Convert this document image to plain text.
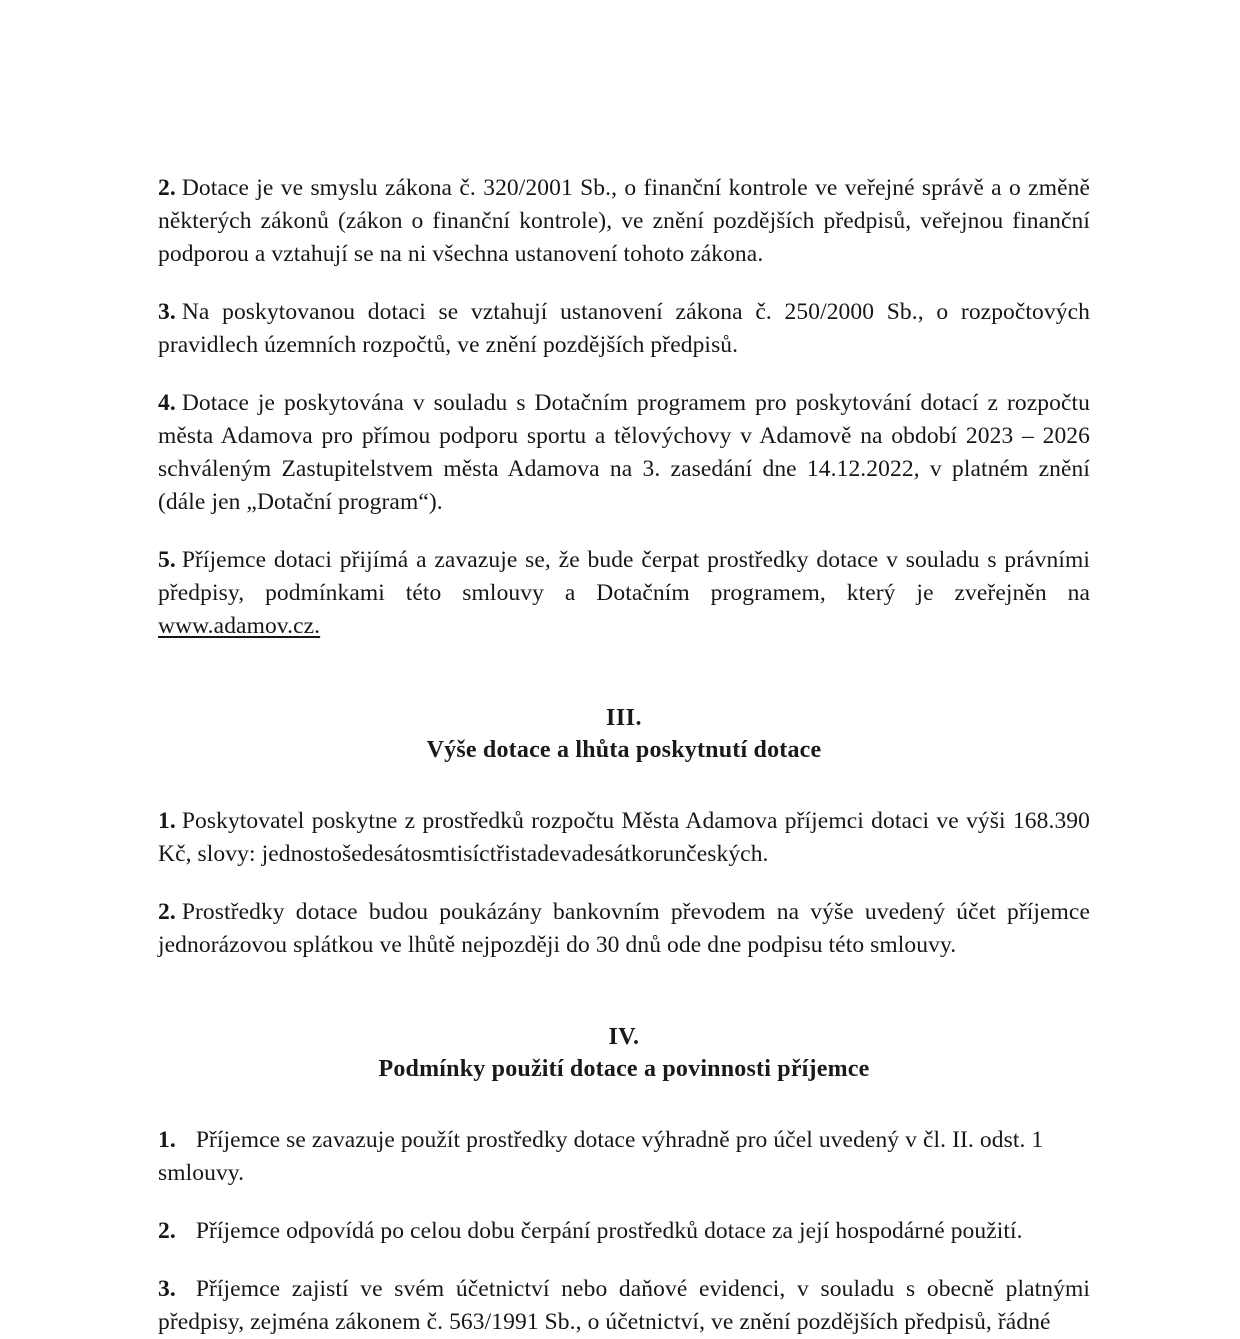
2. Dotace je ve smyslu zákona č. 320/2001 Sb., o finanční kontrole ve veřejné správě a o změně některých zákonů (zákon o finanční kontrole), ve znění pozdějších předpisů, veřejnou finanční podporou a vztahují se na ni všechna ustanovení tohoto zákona.

3. Na poskytovanou dotaci se vztahují ustanovení zákona č. 250/2000 Sb., o rozpočtových pravidlech územních rozpočtů, ve znění pozdějších předpisů.

4. Dotace je poskytována v souladu s Dotačním programem pro poskytování dotací z rozpočtu města Adamova pro přímou podporu sportu a tělovýchovy v Adamově na období 2023 – 2026 schváleným Zastupitelstvem města Adamova na 3. zasedání dne 14.12.2022, v platném znění (dále jen „Dotační program“).

5. Příjemce dotaci přijímá a zavazuje se, že bude čerpat prostředky dotace v souladu s právními předpisy, podmínkami této smlouvy a Dotačním programem, který je zveřejněn na www.adamov.cz.

III.
Výše dotace a lhůta poskytnutí dotace

1. Poskytovatel poskytne z prostředků rozpočtu Města Adamova příjemci dotaci ve výši 168.390 Kč, slovy: jednostošedesátosmtisíctřistadevadesátkorunčeských.

2. Prostředky dotace budou poukázány bankovním převodem na výše uvedený účet příjemce jednorázovou splátkou ve lhůtě nejpozději do 30 dnů ode dne podpisu této smlouvy.

IV.
Podmínky použití dotace a povinnosti příjemce

1. Příjemce se zavazuje použít prostředky dotace výhradně pro účel uvedený v čl. II. odst. 1 smlouvy.

2. Příjemce odpovídá po celou dobu čerpání prostředků dotace za její hospodárné použití.

3. Příjemce zajistí ve svém účetnictví nebo daňové evidenci, v souladu s obecně platnými předpisy, zejména zákonem č. 563/1991 Sb., o účetnictví, ve znění pozdějších předpisů, řádné
